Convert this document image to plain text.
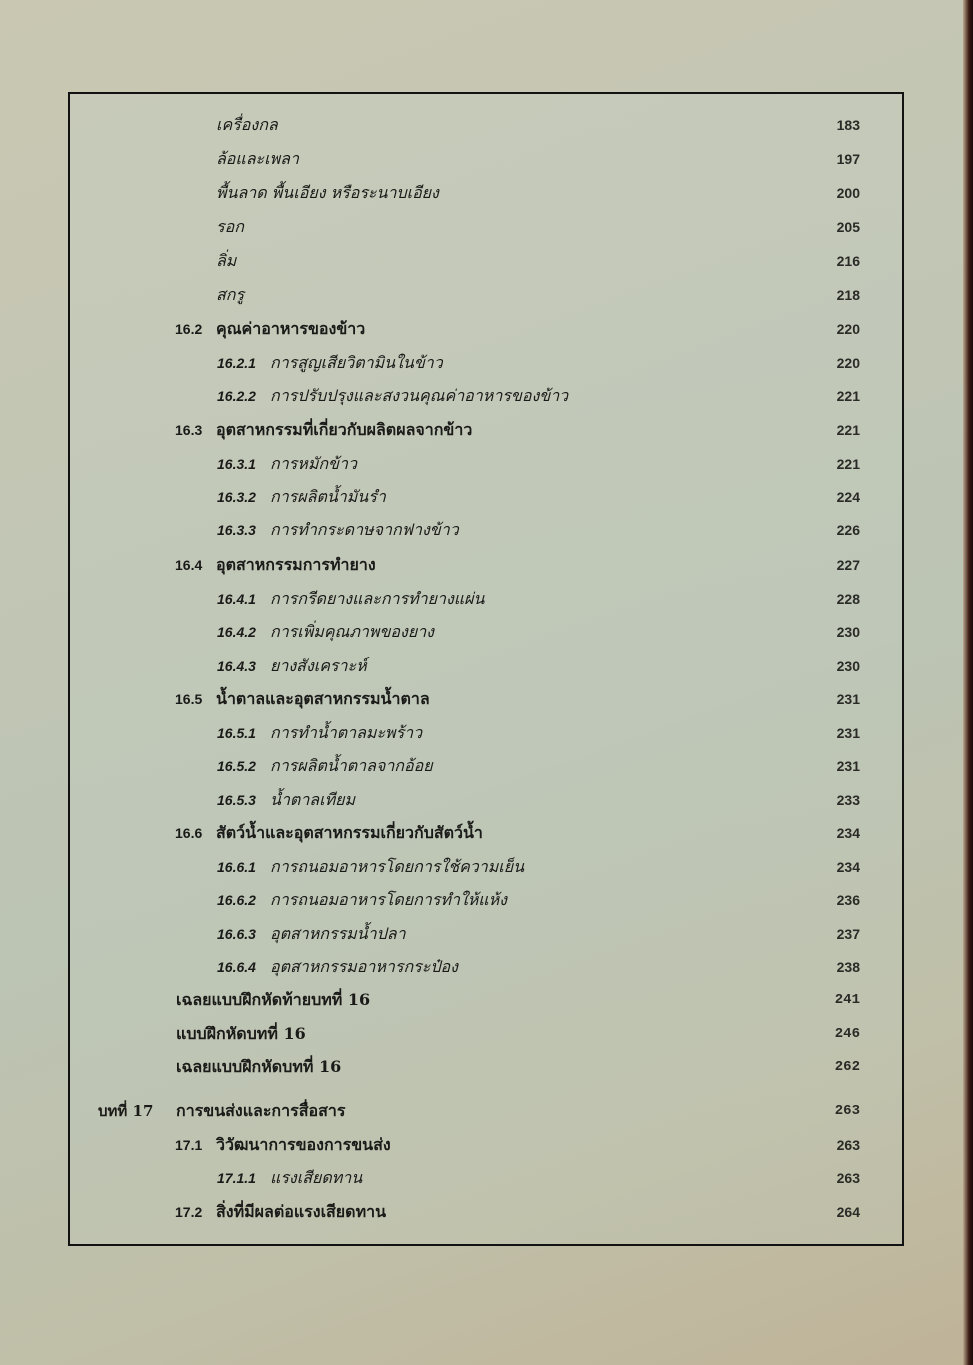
เครื่องกล	183
ล้อและเพลา	197
พื้นลาด พื้นเอียง หรือระนาบเอียง	200
รอก	205
ลิ่ม	216
สกรู	218
16.2 คุณค่าอาหารของข้าว	220
16.2.1 การสูญเสียวิตามินในข้าว	220
16.2.2 การปรับปรุงและสงวนคุณค่าอาหารของข้าว	221
16.3 อุตสาหกรรมที่เกี่ยวกับผลิตผลจากข้าว	221
16.3.1 การหมักข้าว	221
16.3.2 การผลิตน้ำมันรำ	224
16.3.3 การทำกระดาษจากฟางข้าว	226
16.4 อุตสาหกรรมการทำยาง	227
16.4.1 การกรีดยางและการทำยางแผ่น	228
16.4.2 การเพิ่มคุณภาพของยาง	230
16.4.3 ยางสังเคราะห์	230
16.5 น้ำตาลและอุตสาหกรรมน้ำตาล	231
16.5.1 การทำน้ำตาลมะพร้าว	231
16.5.2 การผลิตน้ำตาลจากอ้อย	231
16.5.3 น้ำตาลเทียม	233
16.6 สัตว์น้ำและอุตสาหกรรมเกี่ยวกับสัตว์น้ำ	234
16.6.1 การถนอมอาหารโดยการใช้ความเย็น	234
16.6.2 การถนอมอาหารโดยการทำให้แห้ง	236
16.6.3 อุตสาหกรรมน้ำปลา	237
16.6.4 อุตสาหกรรมอาหารกระป๋อง	238
เฉลยแบบฝึกหัดท้ายบทที่ 16	241
แบบฝึกหัดบทที่ 16	246
เฉลยแบบฝึกหัดบทที่ 16	262
บทที่ 17 การขนส่งและการสื่อสาร	263
17.1 วิวัฒนาการของการขนส่ง	263
17.1.1 แรงเสียดทาน	263
17.2 สิ่งที่มีผลต่อแรงเสียดทาน	264
